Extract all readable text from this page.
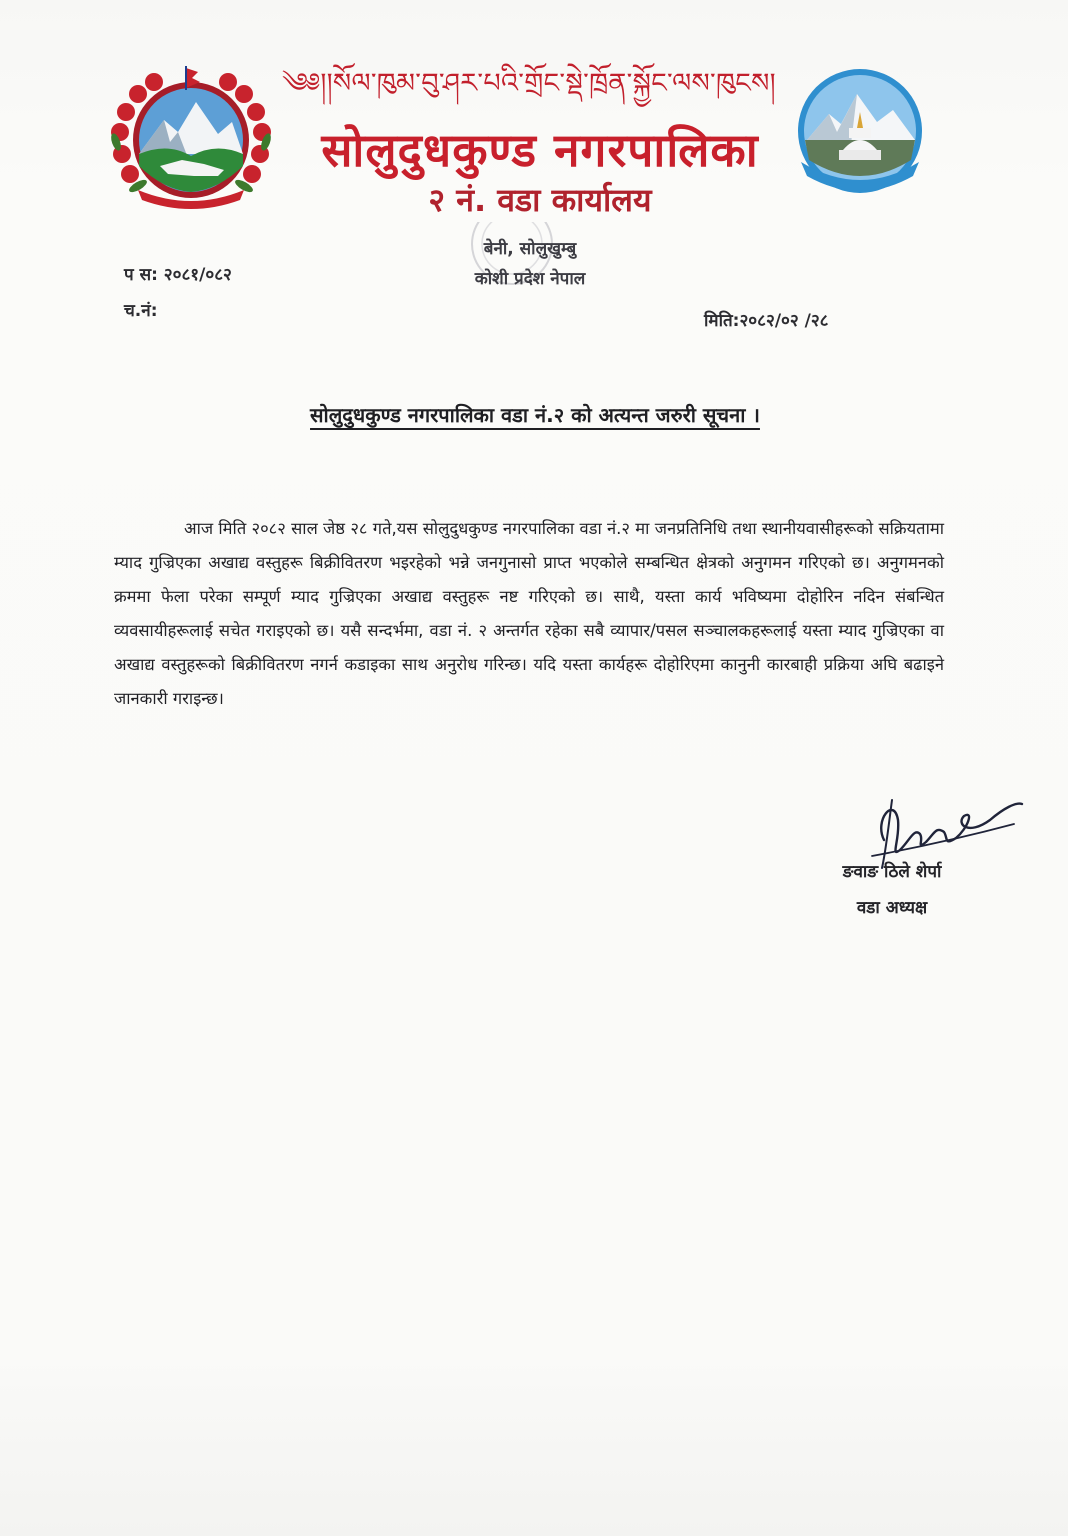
༄༅།།སོལ་ཁུམ་བུ་ཤར་པའི་གྲོང་སྡེ་ཁྲོན་སྐྱོང་ལས་ཁུངས།
सोलुदुधकुण्ड नगरपालिका
२ नं. वडा कार्यालय
बेनी, सोलुखुम्बु
कोशी प्रदेश नेपाल
प स: २०८१/०८२
च.नं:	मिति:२०८२/०२ /२८
सोलुदुधकुण्ड नगरपालिका वडा नं.२ को अत्यन्त जरुरी सूचना ।

आज मिति २०८२ साल जेष्ठ २८ गते,यस सोलुदुधकुण्ड नगरपालिका वडा नं.२ मा जनप्रतिनिधि तथा स्थानीयवासीहरूको सक्रियतामा म्याद गुज्रिएका अखाद्य वस्तुहरू बिक्रीवितरण भइरहेको भन्ने जनगुनासो प्राप्त भएकोले सम्बन्धित क्षेत्रको अनुगमन गरिएको छ। अनुगमनको क्रममा फेला परेका सम्पूर्ण म्याद गुज्रिएका अखाद्य वस्तुहरू नष्ट गरिएको छ। साथै, यस्ता कार्य भविष्यमा दोहोरिन नदिन संबन्धित व्यवसायीहरूलाई सचेत गराइएको छ। यसै सन्दर्भमा, वडा नं. २ अन्तर्गत रहेका सबै व्यापार/पसल सञ्चालकहरूलाई यस्ता म्याद गुज्रिएका वा अखाद्य वस्तुहरूको बिक्रीवितरण नगर्न कडाइका साथ अनुरोध गरिन्छ। यदि यस्ता कार्यहरू दोहोरिएमा कानुनी कारबाही प्रक्रिया अघि बढाइने जानकारी गराइन्छ।

ङवाङ ठिले शेर्पा
वडा अध्यक्ष
